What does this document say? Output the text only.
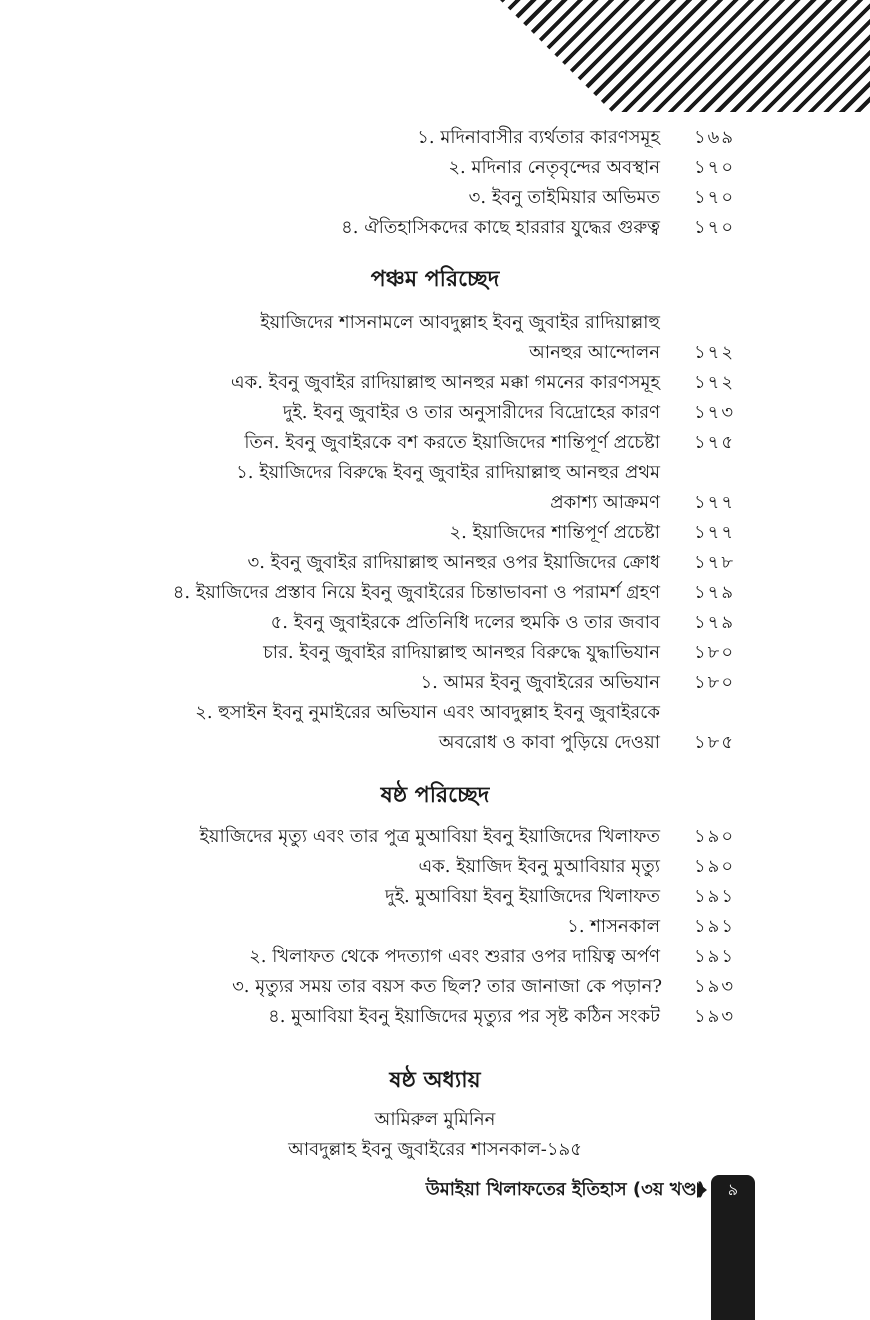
১. মদিনাবাসীর ব্যর্থতার কারণসমূহ ১৬৯
২. মদিনার নেতৃবৃন্দের অবস্থান ১৭০
৩. ইবনু তাইমিয়ার অভিমত ১৭০
৪. ঐতিহাসিকদের কাছে হাররার যুদ্ধের গুরুত্ব ১৭০
পঞ্চম পরিচ্ছেদ
ইয়াজিদের শাসনামলে আবদুল্লাহ ইবনু জুবাইর রাদিয়াল্লাহু
আনহুর আন্দোলন ১৭২
এক. ইবনু জুবাইর রাদিয়াল্লাহু আনহুর মক্কা গমনের কারণসমূহ ১৭২
দুই. ইবনু জুবাইর ও তার অনুসারীদের বিদ্রোহের কারণ ১৭৩
তিন. ইবনু জুবাইরকে বশ করতে ইয়াজিদের শান্তিপূর্ণ প্রচেষ্টা ১৭৫
১. ইয়াজিদের বিরুদ্ধে ইবনু জুবাইর রাদিয়াল্লাহু আনহুর প্রথম
প্রকাশ্য আক্রমণ ১৭৭
২. ইয়াজিদের শান্তিপূর্ণ প্রচেষ্টা ১৭৭
৩. ইবনু জুবাইর রাদিয়াল্লাহু আনহুর ওপর ইয়াজিদের ক্রোধ ১৭৮
৪. ইয়াজিদের প্রস্তাব নিয়ে ইবনু জুবাইরের চিন্তাভাবনা ও পরামর্শ গ্রহণ ১৭৯
৫. ইবনু জুবাইরকে প্রতিনিধি দলের হুমকি ও তার জবাব ১৭৯
চার. ইবনু জুবাইর রাদিয়াল্লাহু আনহুর বিরুদ্ধে যুদ্ধাভিযান ১৮০
১. আমর ইবনু জুবাইরের অভিযান ১৮০
২. হুসাইন ইবনু নুমাইরের অভিযান এবং আবদুল্লাহ ইবনু জুবাইরকে
অবরোধ ও কাবা পুড়িয়ে দেওয়া ১৮৫
ষষ্ঠ পরিচ্ছেদ
ইয়াজিদের মৃত্যু এবং তার পুত্র মুআবিয়া ইবনু ইয়াজিদের খিলাফত ১৯০
এক. ইয়াজিদ ইবনু মুআবিয়ার মৃত্যু ১৯০
দুই. মুআবিয়া ইবনু ইয়াজিদের খিলাফত ১৯১
১. শাসনকাল ১৯১
২. খিলাফত থেকে পদত্যাগ এবং শুরার ওপর দায়িত্ব অর্পণ ১৯১
৩. মৃত্যুর সময় তার বয়স কত ছিল? তার জানাজা কে পড়ান? ১৯৩
৪. মুআবিয়া ইবনু ইয়াজিদের মৃত্যুর পর সৃষ্ট কঠিন সংকট ১৯৩
ষষ্ঠ অধ্যায়
আমিরুল মুমিনিন
আবদুল্লাহ ইবনু জুবাইরের শাসনকাল-১৯৫
উমাইয়া খিলাফতের ইতিহাস (৩য় খণ্ড)	৯
